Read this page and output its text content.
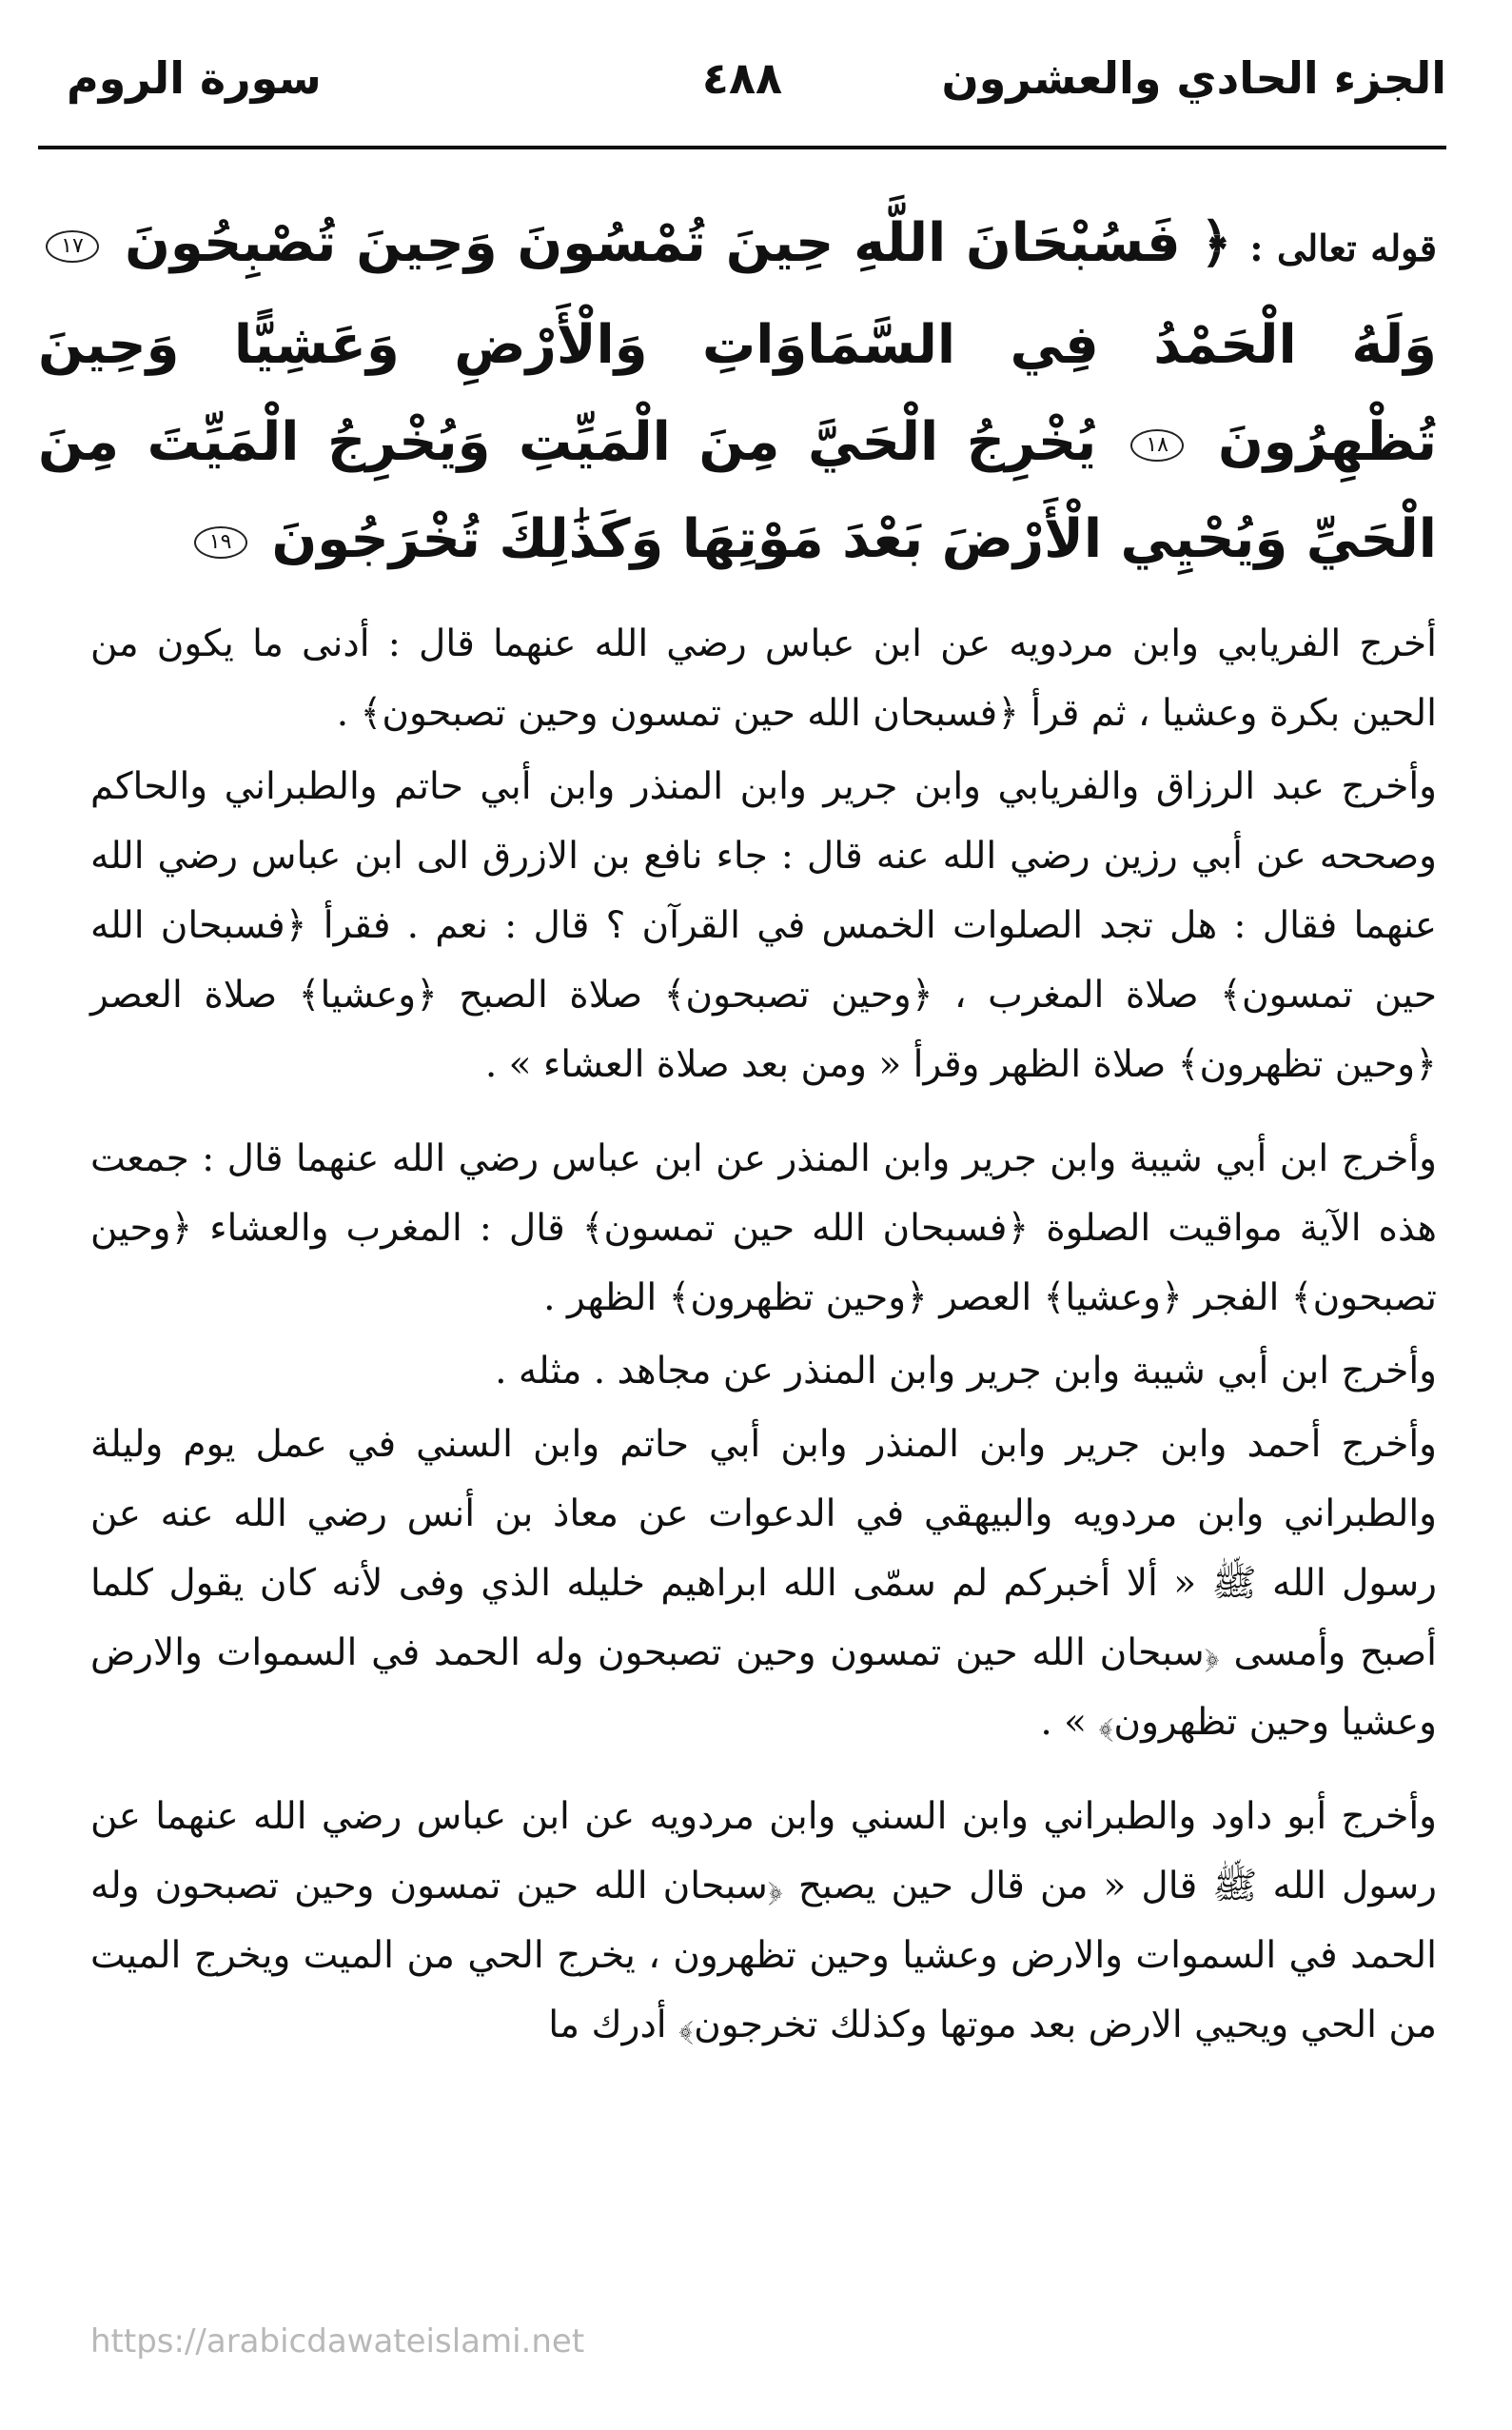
الجزء الحادي والعشرون
٤٨٨
سورة الروم
قوله تعالى : ﴿ فَسُبْحَانَ اللَّهِ حِينَ تُمْسُونَ وَحِينَ تُصْبِحُونَ ١٧ وَلَهُ الْحَمْدُ فِي السَّمَاوَاتِ وَالْأَرْضِ وَعَشِيًّا وَحِينَ تُظْهِرُونَ ١٨ يُخْرِجُ الْحَيَّ مِنَ الْمَيِّتِ وَيُخْرِجُ الْمَيِّتَ مِنَ الْحَيِّ وَيُحْيِي الْأَرْضَ بَعْدَ مَوْتِهَا وَكَذَٰلِكَ تُخْرَجُونَ ١٩

أخرج الفريابي وابن مردويه عن ابن عباس رضي الله عنهما قال : أدنى ما يكون من الحين بكرة وعشيا ، ثم قرأ ﴿فسبحان الله حين تمسون وحين تصبحون﴾ .

وأخرج عبد الرزاق والفريابي وابن جرير وابن المنذر وابن أبي حاتم والطبراني والحاكم وصححه عن أبي رزين رضي الله عنه قال : جاء نافع بن الازرق الى ابن عباس رضي الله عنهما فقال : هل تجد الصلوات الخمس في القرآن ؟ قال : نعم . فقرأ ﴿فسبحان الله حين تمسون﴾ صلاة المغرب ، ﴿وحين تصبحون﴾ صلاة الصبح ﴿وعشيا﴾ صلاة العصر ﴿وحين تظهرون﴾ صلاة الظهر وقرأ « ومن بعد صلاة العشاء » .

وأخرج ابن أبي شيبة وابن جرير وابن المنذر عن ابن عباس رضي الله عنهما قال : جمعت هذه الآية مواقيت الصلوة ﴿فسبحان الله حين تمسون﴾ قال : المغرب والعشاء ﴿وحين تصبحون﴾ الفجر ﴿وعشيا﴾ العصر ﴿وحين تظهرون﴾ الظهر .

وأخرج ابن أبي شيبة وابن جرير وابن المنذر عن مجاهد . مثله .

وأخرج أحمد وابن جرير وابن المنذر وابن أبي حاتم وابن السني في عمل يوم وليلة والطبراني وابن مردويه والبيهقي في الدعوات عن معاذ بن أنس رضي الله عنه عن رسول الله ﷺ « ألا أخبركم لم سمّى الله ابراهيم خليله الذي وفى لأنه كان يقول كلما أصبح وأمسى ﴿سبحان الله حين تمسون وحين تصبحون وله الحمد في السموات والارض وعشيا وحين تظهرون﴾ » .

وأخرج أبو داود والطبراني وابن السني وابن مردويه عن ابن عباس رضي الله عنهما عن رسول الله ﷺ قال « من قال حين يصبح ﴿سبحان الله حين تمسون وحين تصبحون وله الحمد في السموات والارض وعشيا وحين تظهرون ، يخرج الحي من الميت ويخرج الميت من الحي ويحيي الارض بعد موتها وكذلك تخرجون﴾ أدرك ما

https://arabicdawateislami.net
